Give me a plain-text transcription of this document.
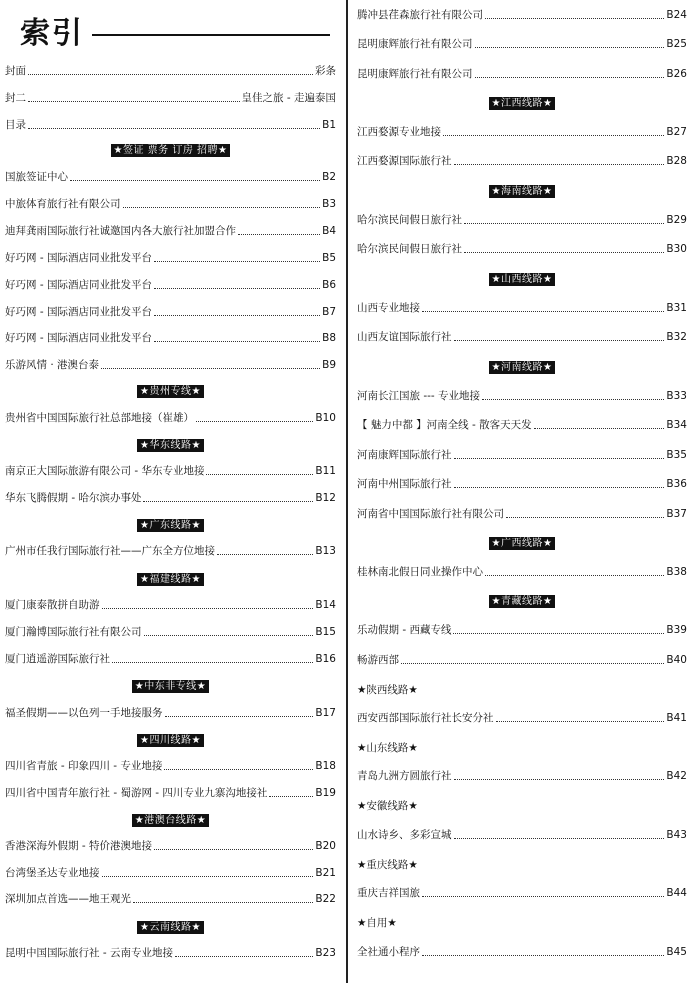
索引
封面	彩条
封二	皇佳之旅 - 走遍泰国
目录	B1
★签证 票务 订房 招聘★
国旅签证中心	B2
中旅体育旅行社有限公司	B3
迪拜龚雨国际旅行社诚邀国内各大旅行社加盟合作	B4
好巧网 - 国际酒店同业批发平台	B5
好巧网 - 国际酒店同业批发平台	B6
好巧网 - 国际酒店同业批发平台	B7
好巧网 - 国际酒店同业批发平台	B8
乐游风情 · 港澳台泰	B9
★贵州专线★
贵州省中国国际旅行社总部地接（崔雄）	B10
★华东线路★
南京正大国际旅游有限公司 - 华东专业地接	B11
华东飞腾假期 - 哈尔滨办事处	B12
★广东线路★
广州市任我行国际旅行社——广东全方位地接	B13
★福建线路★
厦门康泰散拼自助游	B14
厦门瀚博国际旅行社有限公司	B15
厦门逍遥游国际旅行社	B16
★中东非专线★
福圣假期——以色列一手地接服务	B17
★四川线路★
四川省青旅 - 印象四川 - 专业地接	B18
四川省中国青年旅行社 - 蜀游网 - 四川专业九寨沟地接社	B19
★港澳台线路★
香港深海外假期 - 特价港澳地接	B20
台湾堡圣达专业地接	B21
深圳加点首选——地王观光	B22
★云南线路★
昆明中国国际旅行社 - 云南专业地接	B23
腾冲县荏森旅行社有限公司	B24
昆明康辉旅行社有限公司	B25
昆明康辉旅行社有限公司	B26
★江西线路★
江西婺源专业地接	B27
江西婺源国际旅行社	B28
★海南线路★
哈尔滨民间假日旅行社	B29
哈尔滨民间假日旅行社	B30
★山西线路★
山西专业地接	B31
山西友谊国际旅行社	B32
★河南线路★
河南长江国旅 --- 专业地接	B33
【 魅力中都 】河南全线 - 散客天天发	B34
河南康辉国际旅行社	B35
河南中州国际旅行社	B36
河南省中国国际旅行社有限公司	B37
★广西线路★
桂林南北假日同业操作中心	B38
★青藏线路★
乐动假期 - 西藏专线	B39
畅游西部	B40
★陕西线路★
西安西部国际旅行社长安分社	B41
★山东线路★
青岛九洲方圆旅行社	B42
★安徽线路★
山水诗乡、多彩宣城	B43
★重庆线路★
重庆吉祥国旅	B44
★自用★
全社通小程序	B45
